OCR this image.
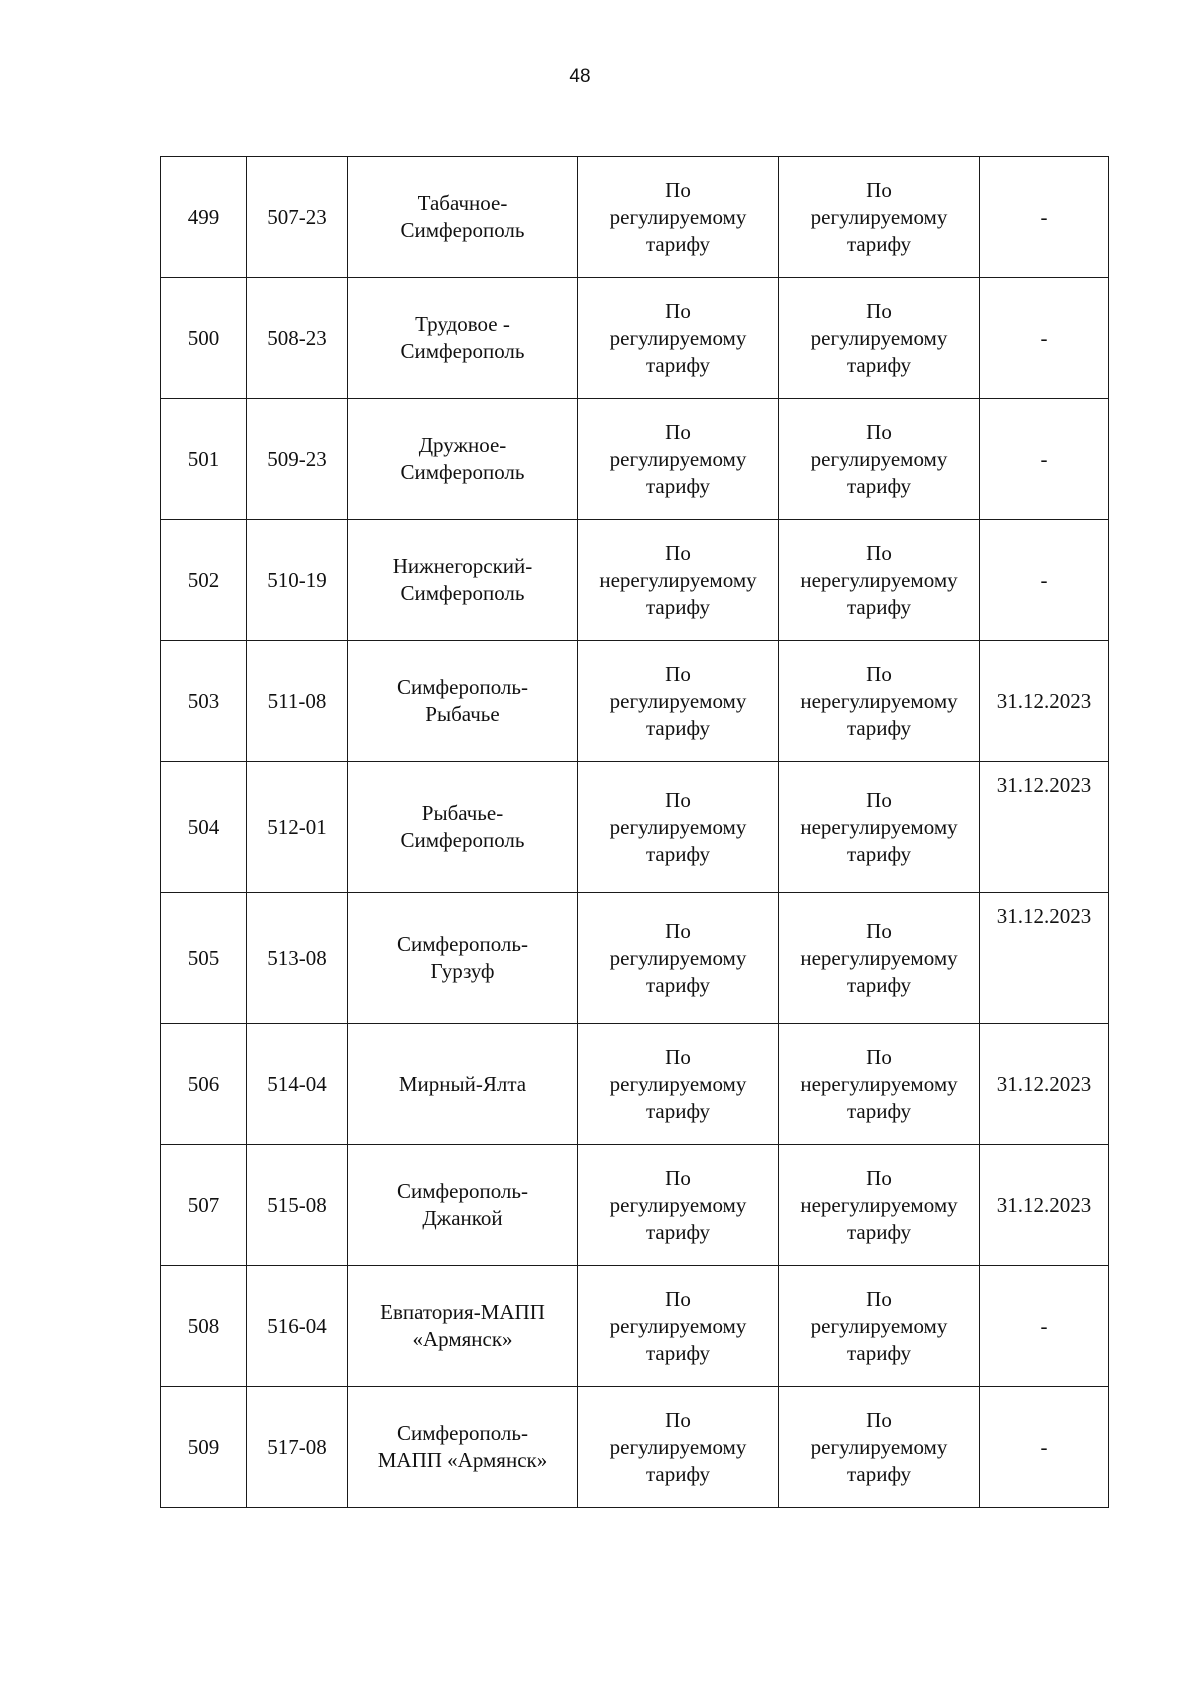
48
499	507-23	Табачное-
Симферополь	По
регулируемому
тарифу	По
регулируемому
тарифу	-

500	508-23	Трудовое -
Симферополь	По
регулируемому
тарифу	По
регулируемому
тарифу	-

501	509-23	Дружное-
Симферополь	По
регулируемому
тарифу	По
регулируемому
тарифу	-

502	510-19	Нижнегорский-
Симферополь	По
нерегулируемому
тарифу	По
нерегулируемому
тарифу	-

503	511-08	Симферополь-
Рыбачье	По
регулируемому
тарифу	По
нерегулируемому
тарифу	31.12.2023

504	512-01	Рыбачье-
Симферополь	По
регулируемому
тарифу	По
нерегулируемому
тарифу	31.12.2023

505	513-08	Симферополь-
Гурзуф	По
регулируемому
тарифу	По
нерегулируемому
тарифу	31.12.2023

506	514-04	Мирный-Ялта	По
регулируемому
тарифу	По
нерегулируемому
тарифу	31.12.2023

507	515-08	Симферополь-
Джанкой	По
регулируемому
тарифу	По
нерегулируемому
тарифу	31.12.2023

508	516-04	Евпатория-МАПП
«Армянск»	По
регулируемому
тарифу	По
регулируемому
тарифу	-

509	517-08	Симферополь-
МАПП «Армянск»	По
регулируемому
тарифу	По
регулируемому
тарифу	-
